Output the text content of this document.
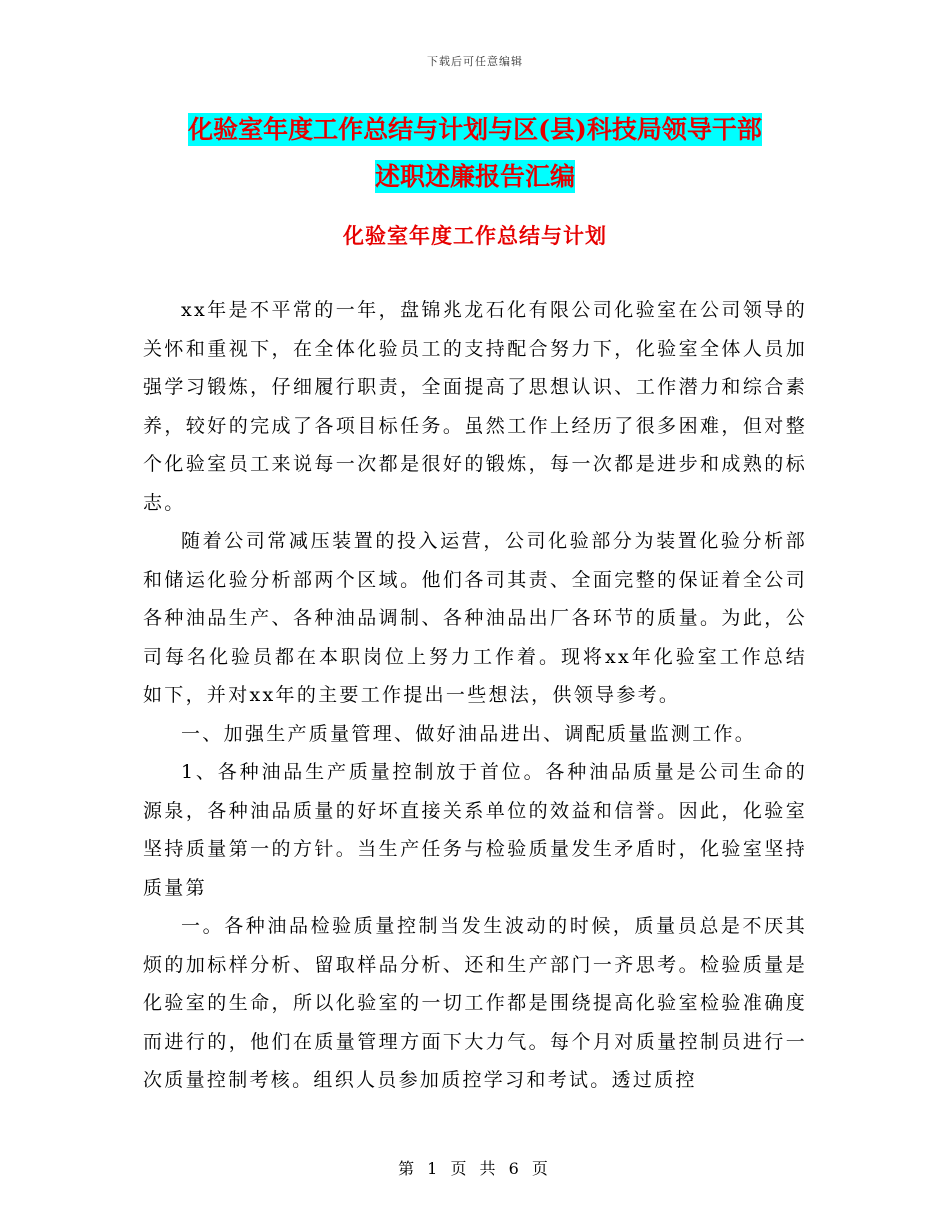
下载后可任意编辑
化验室年度工作总结与计划与区(县)科技局领导干部
述职述廉报告汇编
化验室年度工作总结与计划

xx年是不平常的一年，盘锦兆龙石化有限公司化验室在公司领导的关怀和重视下，在全体化验员工的支持配合努力下，化验室全体人员加强学习锻炼，仔细履行职责，全面提高了思想认识、工作潜力和综合素养，较好的完成了各项目标任务。虽然工作上经历了很多困难，但对整个化验室员工来说每一次都是很好的锻炼，每一次都是进步和成熟的标志。

随着公司常减压装置的投入运营，公司化验部分为装置化验分析部和储运化验分析部两个区域。他们各司其责、全面完整的保证着全公司各种油品生产、各种油品调制、各种油品出厂各环节的质量。为此，公司每名化验员都在本职岗位上努力工作着。现将xx年化验室工作总结如下，并对xx年的主要工作提出一些想法，供领导参考。

一、加强生产质量管理、做好油品进出、调配质量监测工作。

1、各种油品生产质量控制放于首位。各种油品质量是公司生命的源泉，各种油品质量的好坏直接关系单位的效益和信誉。因此，化验室坚持质量第一的方针。当生产任务与检验质量发生矛盾时，化验室坚持质量第

一。各种油品检验质量控制当发生波动的时候，质量员总是不厌其烦的加标样分析、留取样品分析、还和生产部门一齐思考。检验质量是化验室的生命，所以化验室的一切工作都是围绕提高化验室检验准确度而进行的，他们在质量管理方面下大力气。每个月对质量控制员进行一次质量控制考核。组织人员参加质控学习和考试。透过质控

第 1 页 共 6 页
